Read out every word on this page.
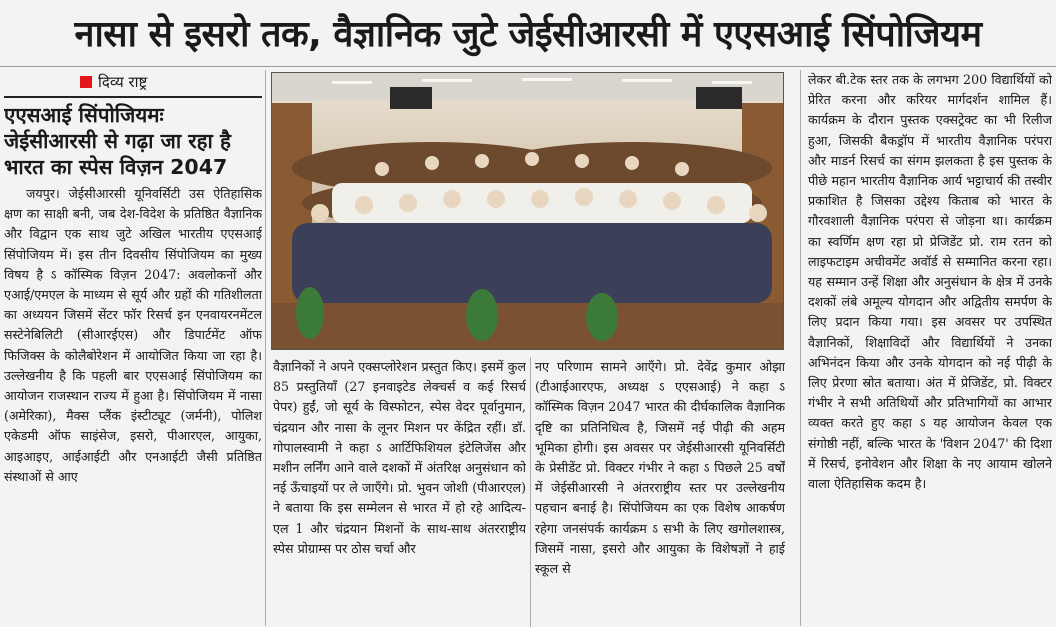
नासा से इसरो तक, वैज्ञानिक जुटे जेईसीआरसी में एएसआई सिंपोजियम
दिव्य राष्ट्र
एएसआई सिंपोजियमः जेईसीआरसी से गढ़ा जा रहा है भारत का स्पेस विज़न 2047

जयपुर। जेईसीआरसी यूनिवर्सिटी उस ऐतिहासिक क्षण का साक्षी बनी, जब देश-विदेश के प्रतिष्ठित वैज्ञानिक और विद्वान एक साथ जुटे अखिल भारतीय एएसआई सिंपोजियम में। इस तीन दिवसीय सिंपोजियम का मुख्य विषय है ऽ कॉस्मिक विज़न 2047: अवलोकनों और एआई/एमएल के माध्यम से सूर्य और ग्रहों की गतिशीलता का अध्ययन जिसमें सेंटर फॉर रिसर्च इन एनवायरनमेंटल सस्टेनेबिलिटी (सीआरईएस) और डिपार्टमेंट ऑफ फिजिक्स के कोलैबोरेशन में आयोजित किया जा रहा है। उल्लेखनीय है कि पहली बार एएसआई सिंपोजियम का आयोजन राजस्थान राज्य में हुआ है। सिंपोजियम में नासा (अमेरिका), मैक्स प्लैंक इंस्टीट्यूट (जर्मनी), पोलिश एकेडमी ऑफ साइंसेज, इसरो, पीआरएल, आयुका, आइआइए, आईआईटी और एनआईटी जैसी प्रतिष्ठित संस्थाओं से आए

वैज्ञानिकों ने अपने एक्सप्लोरेशन प्रस्तुत किए। इसमें कुल 85 प्रस्तुतियाँ (27 इनवाइटेड लेक्चर्स व कई रिसर्च पेपर) हुईं, जो सूर्य के विस्फोटन, स्पेस वेदर पूर्वानुमान, चंद्रयान और नासा के लूनर मिशन पर केंद्रित रहीं। डॉ. गोपालस्वामी ने कहा ऽ आर्टिफिशियल इंटेलिजेंस और मशीन लर्निंग आने वाले दशकों में अंतरिक्ष अनुसंधान को नई ऊँचाइयों पर ले जाएँगे। प्रो. भुवन जोशी (पीआरएल) ने बताया कि इस सम्मेलन से भारत में हो रहे आदित्य-एल 1 और चंद्रयान मिशनों के साथ-साथ अंतरराष्ट्रीय स्पेस प्रोग्राम्स पर ठोस चर्चा और

नए परिणाम सामने आएँगे। प्रो. देवेंद्र कुमार ओझा (टीआईआरएफ, अध्यक्ष ऽ एएसआई) ने कहा ऽ कॉस्मिक विज़न 2047 भारत की दीर्घकालिक वैज्ञानिक दृष्टि का प्रतिनिधित्व है, जिसमें नई पीढ़ी की अहम भूमिका होगी। इस अवसर पर जेईसीआरसी यूनिवर्सिटी के प्रेसीडेंट प्रो. विक्टर गंभीर ने कहा ऽ पिछले 25 वर्षों में जेईसीआरसी ने अंतरराष्ट्रीय स्तर पर उल्लेखनीय पहचान बनाई है। सिंपोजियम का एक विशेष आकर्षण रहेगा जनसंपर्क कार्यक्रम ऽ सभी के लिए खगोलशास्त्र, जिसमें नासा, इसरो और आयुका के विशेषज्ञों ने हाई स्कूल से

लेकर बी.टेक स्तर तक के लगभग 200 विद्यार्थियों को प्रेरित करना और करियर मार्गदर्शन शामिल हैं। कार्यक्रम के दौरान पुस्तक एक्सट्रेक्ट का भी रिलीज हुआ, जिसकी बैकड्रॉप में भारतीय वैज्ञानिक परंपरा और माडर्न रिसर्च का संगम झलकता है इस पुस्तक के पीछे महान भारतीय वैज्ञानिक आर्य भट्टाचार्य की तस्वीर प्रकाशित है जिसका उद्देश्य किताब को भारत के गौरवशाली वैज्ञानिक परंपरा से जोड़ना था। कार्यक्रम का स्वर्णिम क्षण रहा प्रो प्रेजिडेंट प्रो. राम रतन को लाइफटाइम अचीवमेंट अवॉर्ड से सम्मानित करना रहा। यह सम्मान उन्हें शिक्षा और अनुसंधान के क्षेत्र में उनके दशकों लंबे अमूल्य योगदान और अद्वितीय समर्पण के लिए प्रदान किया गया। इस अवसर पर उपस्थित वैज्ञानिकों, शिक्षाविदों और विद्यार्थियों ने उनका अभिनंदन किया और उनके योगदान को नई पीढ़ी के लिए प्रेरणा स्रोत बताया। अंत में प्रेजिडेंट, प्रो. विक्टर गंभीर ने सभी अतिथियों और प्रतिभागियों का आभार व्यक्त करते हुए कहा ऽ यह आयोजन केवल एक संगोष्ठी नहीं, बल्कि भारत के 'विशन 2047' की दिशा में रिसर्च, इनोवेशन और शिक्षा के नए आयाम खोलने वाला ऐतिहासिक कदम है।
